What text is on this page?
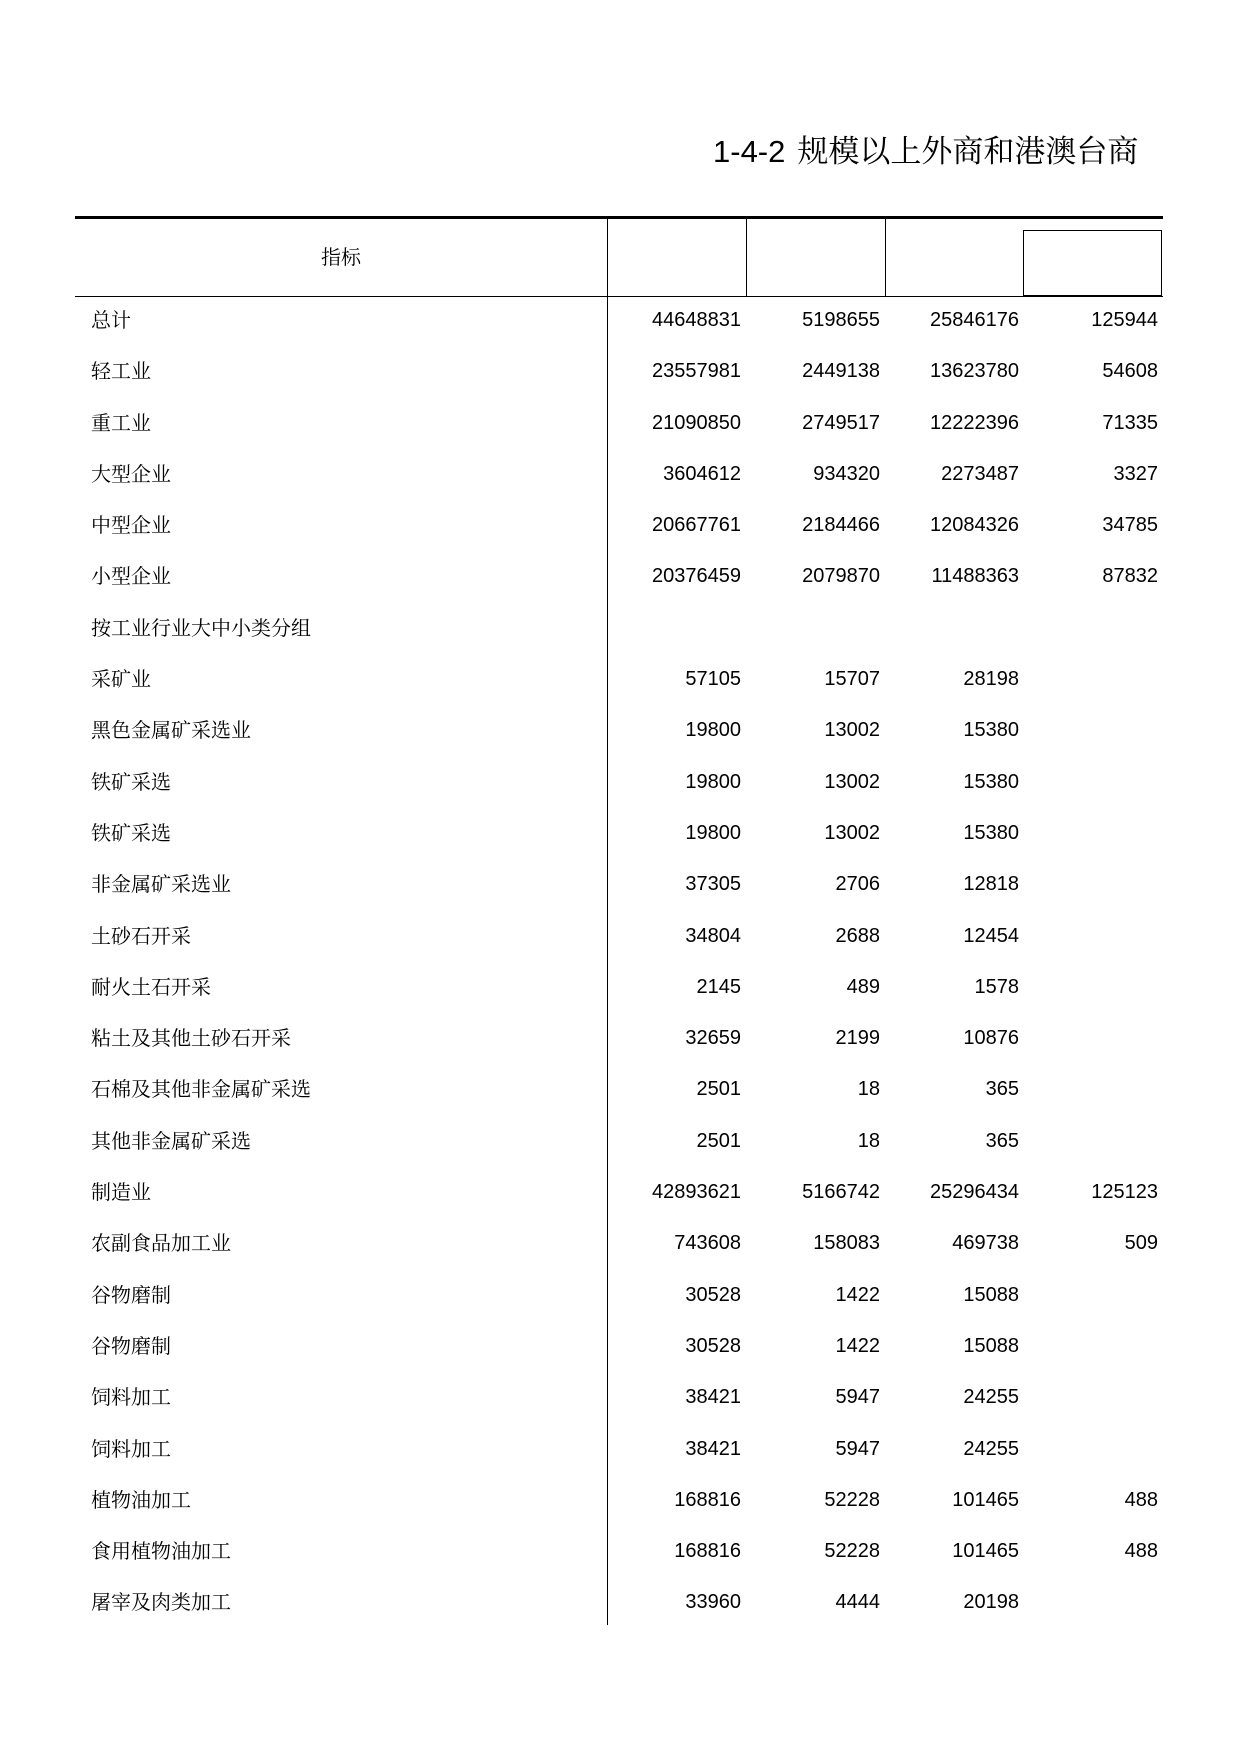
1-4-2 规模以上外商和港澳台商
指标
总计	44648831	5198655	25846176	125944
轻工业	23557981	2449138	13623780	54608
重工业	21090850	2749517	12222396	71335
大型企业	3604612	934320	2273487	3327
中型企业	20667761	2184466	12084326	34785
小型企业	20376459	2079870	11488363	87832
按工业行业大中小类分组
采矿业	57105	15707	28198
黑色金属矿采选业	19800	13002	15380
铁矿采选	19800	13002	15380
铁矿采选	19800	13002	15380
非金属矿采选业	37305	2706	12818
土砂石开采	34804	2688	12454
耐火土石开采	2145	489	1578
粘土及其他土砂石开采	32659	2199	10876
石棉及其他非金属矿采选	2501	18	365
其他非金属矿采选	2501	18	365
制造业	42893621	5166742	25296434	125123
农副食品加工业	743608	158083	469738	509
谷物磨制	30528	1422	15088
谷物磨制	30528	1422	15088
饲料加工	38421	5947	24255
饲料加工	38421	5947	24255
植物油加工	168816	52228	101465	488
食用植物油加工	168816	52228	101465	488
屠宰及肉类加工	33960	4444	20198
